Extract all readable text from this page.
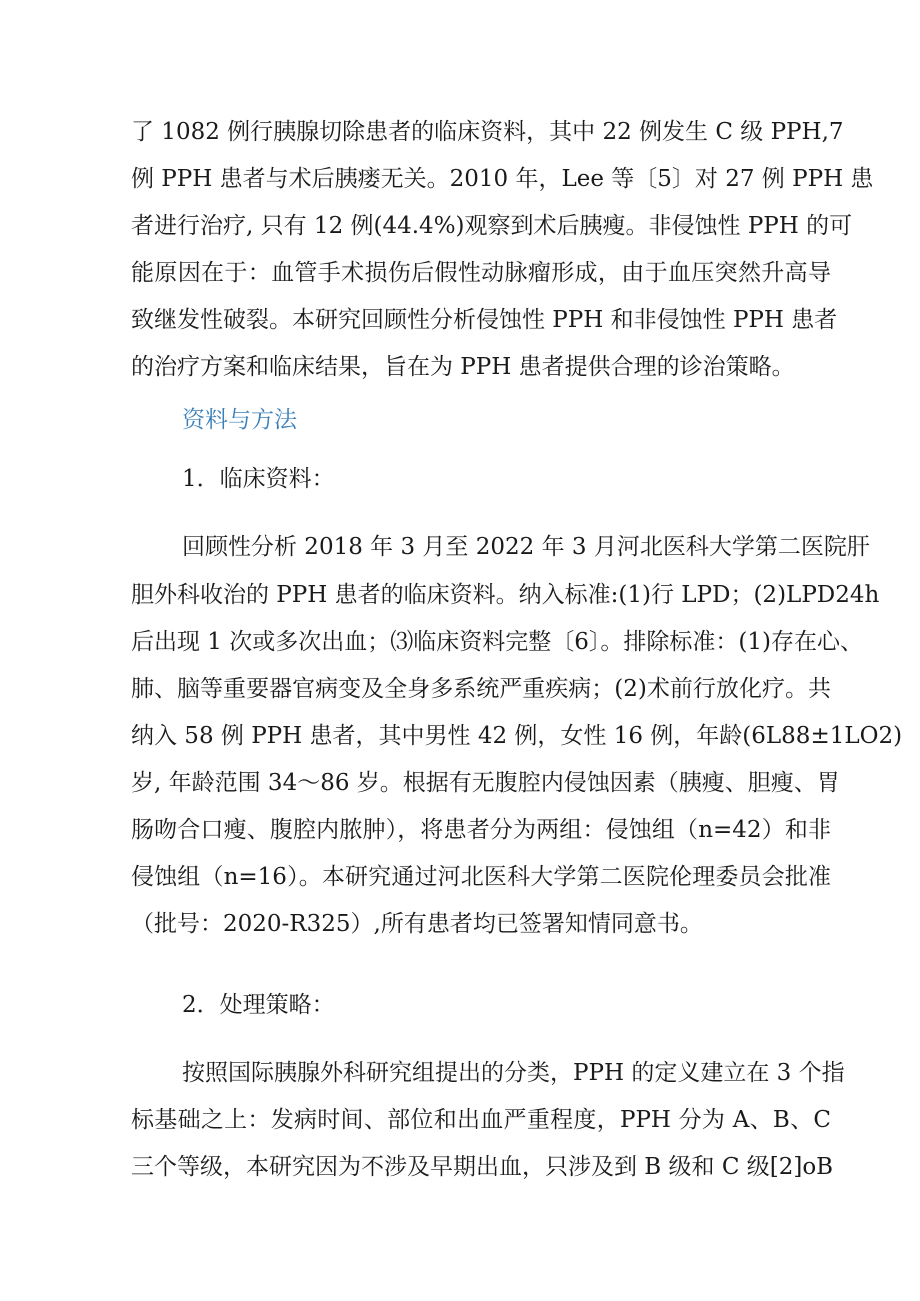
了 1082 例行胰腺切除患者的临床资料，其中 22 例发生 C 级 PPH,7
例 PPH 患者与术后胰瘘无关。2010 年，Lee 等〔5〕对 27 例 PPH 患
者进行治疗, 只有 12 例(44.4%)观察到术后胰瘦。非侵蚀性 PPH 的可
能原因在于：血管手术损伤后假性动脉瘤形成，由于血压突然升高导
致继发性破裂。本研究回顾性分析侵蚀性 PPH 和非侵蚀性 PPH 患者
的治疗方案和临床结果，旨在为 PPH 患者提供合理的诊治策略。
资料与方法
1．临床资料：
回顾性分析 2018 年 3 月至 2022 年 3 月河北医科大学第二医院肝
胆外科收治的 PPH 患者的临床资料。纳入标准:(1)行 LPD；(2)LPD24h
后出现 1 次或多次出血；⑶临床资料完整〔6〕。排除标准：(1)存在心、
肺、脑等重要器官病变及全身多系统严重疾病；(2)术前行放化疗。共
纳入 58 例 PPH 患者，其中男性 42 例，女性 16 例，年龄(6L88±1LO2)
岁, 年龄范围 34～86 岁。根据有无腹腔内侵蚀因素（胰瘦、胆瘦、胃
肠吻合口瘦、腹腔内脓肿），将患者分为两组：侵蚀组（n=42）和非
侵蚀组（n=16）。本研究通过河北医科大学第二医院伦理委员会批准
（批号：2020-R325）,所有患者均已签署知情同意书。
2．处理策略：
按照国际胰腺外科研究组提出的分类，PPH 的定义建立在 3 个指
标基础之上：发病时间、部位和出血严重程度，PPH 分为 A、B、C
三个等级，本研究因为不涉及早期出血，只涉及到 B 级和 C 级[2]oB
